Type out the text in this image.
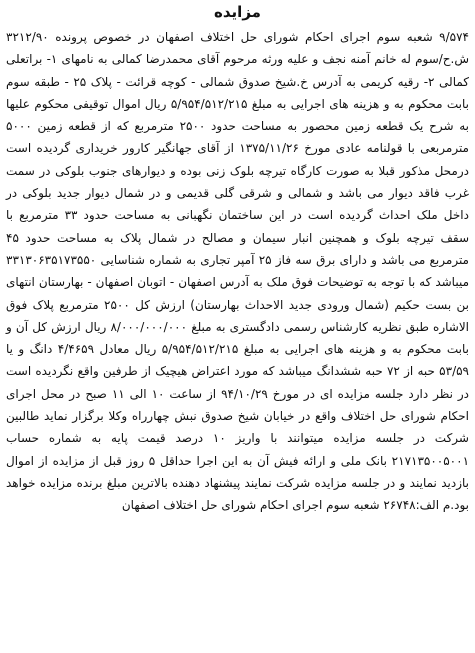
مزایده

۹/۵۷۴ شعبه سوم اجرای احکام شورای حل اختلاف اصفهان در خصوص پرونده ۳۲۱۲/۹۰ ش.ح/سوم له خانم آمنه نجف و علیه ورثه مرحوم آقای محمدرضا کمالی به نامهای ۱- براتعلی کمالی ۲- رقیه کریمی به آدرس خ.شیخ صدوق شمالی - کوچه قرائت - پلاک ۲۵ - طبقه سوم بابت محکوم به و هزینه های اجرایی به مبلغ ۵/۹۵۴/۵۱۲/۲۱۵ ریال اموال توقیفی محکوم علیها به شرح یک قطعه زمین محصور به مساحت حدود ۲۵۰۰ مترمربع که از قطعه زمین ۵۰۰۰ مترمربعی با قولنامه عادی مورخ ۱۳۷۵/۱۱/۲۶ از آقای جهانگیر کارور خریداری گردیده است درمحل مذکور قبلا به صورت کارگاه تیرچه بلوک زنی بوده و دیوارهای جنوب بلوکی در سمت غرب فاقد دیوار می باشد و شمالی و شرقی گلی قدیمی و در شمال دیوار جدید بلوکی در داخل ملک احداث گردیده است در این ساختمان نگهبانی به مساحت حدود ۳۳ مترمربع با سقف تیرچه بلوک و همچنین انبار سیمان و مصالح در شمال پلاک به مساحت حدود ۴۵ مترمربع می باشد و دارای برق سه فاز ۲۵ آمپر تجاری به شماره شناسایی ۳۳۱۳۰۶۳۵۱۷۳۵۵۰ میباشد که با توجه به توضیحات فوق ملک به آدرس اصفهان - اتوبان اصفهان - بهارستان انتهای بن بست حکیم (شمال ورودی جدید الاحداث بهارستان) ارزش کل ۲۵۰۰ مترمربع پلاک فوق الاشاره طبق نظریه کارشناس رسمی دادگستری به مبلغ ۸/۰۰۰/۰۰۰/۰۰۰ ریال ارزش کل آن و بابت محکوم به و هزینه های اجرایی به مبلغ ۵/۹۵۴/۵۱۲/۲۱۵ ریال معادل ۴/۴۶۵۹ دانگ و یا ۵۳/۵۹ حبه از ۷۲ حبه ششدانگ میباشد که مورد اعتراض هیچیک از طرفین واقع نگردیده است در نظر دارد جلسه مزایده ای در مورخ ۹۴/۱۰/۲۹ از ساعت ۱۰ الی ۱۱ صبح در محل اجرای احکام شورای حل اختلاف واقع در خیابان شیخ صدوق نبش چهارراه وکلا برگزار نماید طالبین شرکت در جلسه مزایده میتوانند با واریز ۱۰ درصد قیمت پایه به شماره حساب ۲۱۷۱۳۵۰۰۵۰۰۱ بانک ملی و ارائه فیش آن به این اجرا حداقل ۵ روز قبل از مزایده از اموال بازدید نمایند و در جلسه مزایده شرکت نمایند پیشنهاد دهنده بالاترین مبلغ برنده مزایده خواهد بود.م الف:۲۶۷۴۸ شعبه سوم اجرای احکام شورای حل اختلاف اصفهان
